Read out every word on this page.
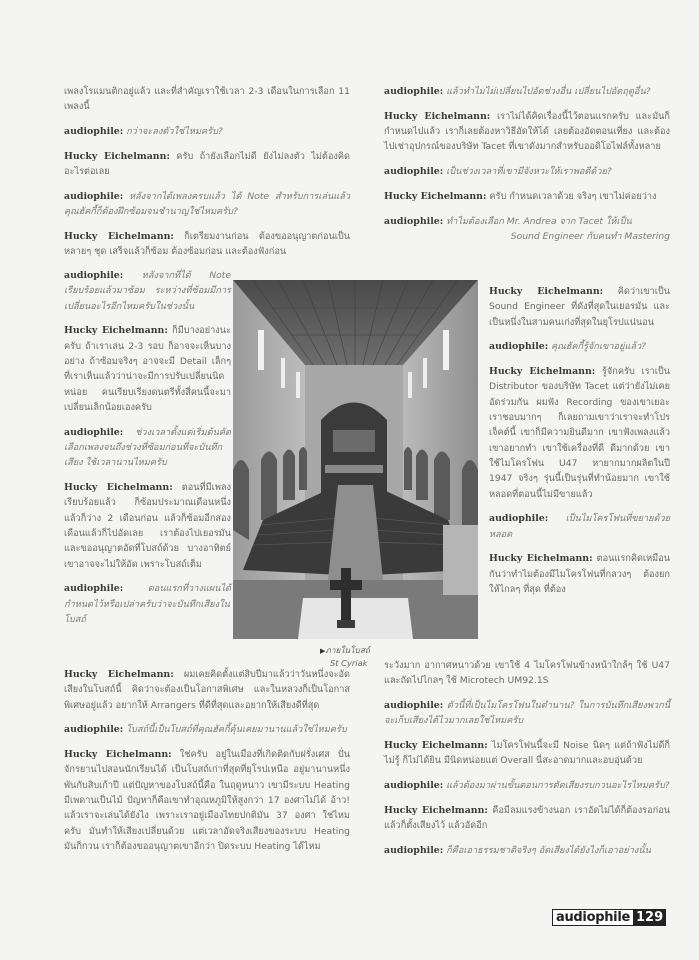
เพลงโรแมนติกอยู่แล้ว และที่สำคัญเราใช้เวลา 2-3 เดือนในการเลือก 11 เพลงนี้

audiophile: กว่าจะลงตัวใช่ไหมครับ?

Hucky Eichelmann: ครับ ถ้ายังเลือกไม่ดี ยังไม่ลงตัว ไม่ต้องคิดอะไรต่อเลย

audiophile: หลังจากได้เพลงครบแล้ว ได้ Note สำหรับการเล่นแล้ว คุณฮัคกี้ก็ต้องฝึกซ้อมจนชำนาญใช่ไหมครับ?

Hucky Eichelmann: ก็เตรียมงานก่อน ต้องขออนุญาตก่อนเป็นหลายๆ ชุด เสร็จแล้วก็ซ้อม ต้องซ้อมก่อน และต้องฟังก่อน

audiophile: หลังจากที่ได้ Note เรียบร้อยแล้วมาซ้อม ระหว่างที่ซ้อมมีการเปลี่ยนอะไรอีกไหมครับในช่วงนั้น

Hucky Eichelmann: ก็มีบางอย่างนะครับ ถ้าเราเล่น 2-3 รอบ ก็อาจจะเห็นบางอย่าง ถ้าซ้อมจริงๆ อาจจะมี Detail เล็กๆ ที่เราเห็นแล้วว่าน่าจะมีการปรับเปลี่ยนนิดหน่อย คนเรียบเรียงดนตรีทั้งสี่คนนี้จะมาเปลี่ยนเล็กน้อยเองครับ

audiophile: ช่วงเวลาตั้งแต่เริ่มต้นคัดเลือกเพลงจนถึงช่วงที่ซ้อมก่อนที่จะบันทึกเสียง ใช้เวลานานไหมครับ

Hucky Eichelmann: ตอนที่มีเพลงเรียบร้อยแล้ว ก็ซ้อมประมาณเดือนหนึ่ง แล้วก็ว่าง 2 เดือนก่อน แล้วก็ซ้อมอีกสองเดือนแล้วก็ไปอัดเลย เราต้องไปเยอรมัน และขออนุญาตอัดที่โบสถ์ด้วย บางอาทิตย์เขาอาจจะไม่ให้อัด เพราะโบสถ์เต็ม

audiophile:	ตอนแรกที่วางแผนได้กำหนดไว้หรือเปล่าครับว่าจะบันทึกเสียงในโบสถ์

Hucky Eichelmann: ผมเคยคิดตั้งแต่สิบปีมาแล้วว่าวันหนึ่งจะอัดเสียงในโบสถ์นี้ คิดว่าจะต้องเป็นโอกาสพิเศษ และในหลวงก็เป็นโอกาสพิเศษอยู่แล้ว อยากให้ Arrangers ที่ดีที่สุดและอยากให้เสียงดีที่สุด

audiophile: โบสถ์นี้เป็นโบสถ์ที่คุณฮัคกี้คุ้นเคยมานานแล้วใช่ไหมครับ

Hucky Eichelmann: ใช่ครับ อยู่ในเมืองที่เกิดติดกับฝรั่งเศส ปั่นจักรยานไปสอนนักเรียนได้ เป็นโบสถ์เก่าที่สุดที่ยุโรปเหนือ อยู่มานานหนึ่งพันกับสิบเก้าปี แต่ปัญหาของโบสถ์นี้คือ ในฤดูหนาว เขามีระบบ Heating มีเพดานเป็นไม้ ปัญหาก็คือเขาทำอุณหภูมิให้สูงกว่า 17 องศาไม่ได้ อ้าว! แล้วเราจะเล่นได้ยังไง เพราะเราอยู่เมืองไทยปกติมัน 37 องศา ใช่ไหมครับ มันทำให้เสียงเปลี่ยนด้วย แต่เวลาอัดจริงเสียงของระบบ Heating มันก็กวน เราก็ต้องขออนุญาตเขาอีกว่า ปิดระบบ Heating ได้ไหม

audiophile: แล้วทำไมไม่เปลี่ยนไปอัดช่วงอื่น เปลี่ยนไปอัดฤดูอื่น?

Hucky Eichelmann: เราไม่ได้คิดเรื่องนี้ไว้ตอนแรกครับ และมันก็กำหนดไปแล้ว เราก็เลยต้องหาวิธีอัดให้ได้ เลยต้องอัดตอนเที่ยง และต้องไปเช่าอุปกรณ์ของบริษัท Tacet ที่เขาดังมากสำหรับออดิโอไฟล์ทั้งหลาย

audiophile: เป็นช่วงเวลาที่เขามีจังหวะให้เราพอดีด้วย?

Hucky Eichelmann: ครับ กำหนดเวลาด้วย จริงๆ เขาไม่ค่อยว่าง

audiophile: ทำไมต้องเลือก Mr. Andrea จาก Tacet ให้เป็น

Sound Engineer กับคนทำ Mastering

Hucky Eichelmann: คิดว่าเขาเป็น Sound Engineer ที่ดังที่สุดในเยอรมัน และเป็นหนึ่งในสามคนเก่งที่สุดในยุโรปแน่นอน

audiophile: คุณฮัคกี้รู้จักเขาอยู่แล้ว?

Hucky Eichelmann: รู้จักครับ เราเป็น Distributor ของบริษัท Tacet แต่ว่ายังไม่เคยอัดร่วมกัน ผมฟัง Recording ของเขาเยอะ เราชอบมากๆ ก็เลยถามเขาว่าเราจะทำโปรเจ็คต์นี้ เขาก็มีความยินดีมาก เขาฟังเพลงแล้วเขาอยากทำ เขาใช้เครื่องที่ดี ดีมากด้วย เขาใช้ไมโครโฟน U47 หายากมากผลิตในปี 1947 จริงๆ รุ่นนี้เป็นรุ่นที่ทำน้อยมาก เขาใช้หลอดที่ตอนนี้ไม่มีขายแล้ว

audiophile: เป็นไมโครโฟนที่ขยายด้วยหลอด

Hucky Eichelmann: ตอนแรกคิดเหมือนกันว่าทำไมต้องมีไมโครโฟนที่กลวงๆ ต้องยกให้ไกลๆ ที่สุด ที่ต้อง

ระวังมาก อากาศหนาวด้วย เขาใช้ 4 ไมโครโฟนข้างหน้าใกล้ๆ ใช้ U47 และถัดไปไกลๆ ใช้ Microtech UM92.1S

audiophile: ตัวนี้ที่เป็นไมโครโฟนในตำนาน? ในการบันทึกเสียงพวกนี้จะเก็บเสียงได้ไวมากเลยใช่ไหมครับ

Hucky Eichelmann: ไมโครโฟนนี้จะมี Noise นิดๆ แต่ถ้าฟังไม่ดีก็ไม่รู้ ก็ไม่ได้ยิน มีนิดหน่อยแต่ Overall นี่สะอาดมากและอบอุ่นด้วย

audiophile: แล้วต้องมาผ่านขั้นตอนการตัดเสียงรบกวนอะไรไหมครับ?

Hucky Eichelmann: คือมีลมแรงข้างนอก เราอัดไม่ได้ก็ต้องรอก่อน แล้วก็ตั้งเสียงไว้ แล้วอัดอีก

audiophile: ก็คือเอาธรรมชาติจริงๆ อัดเสียงได้ยังไงก็เอาอย่างนั้น

▶ภายในโบสถ์
St Cyriak
audiophile 129
